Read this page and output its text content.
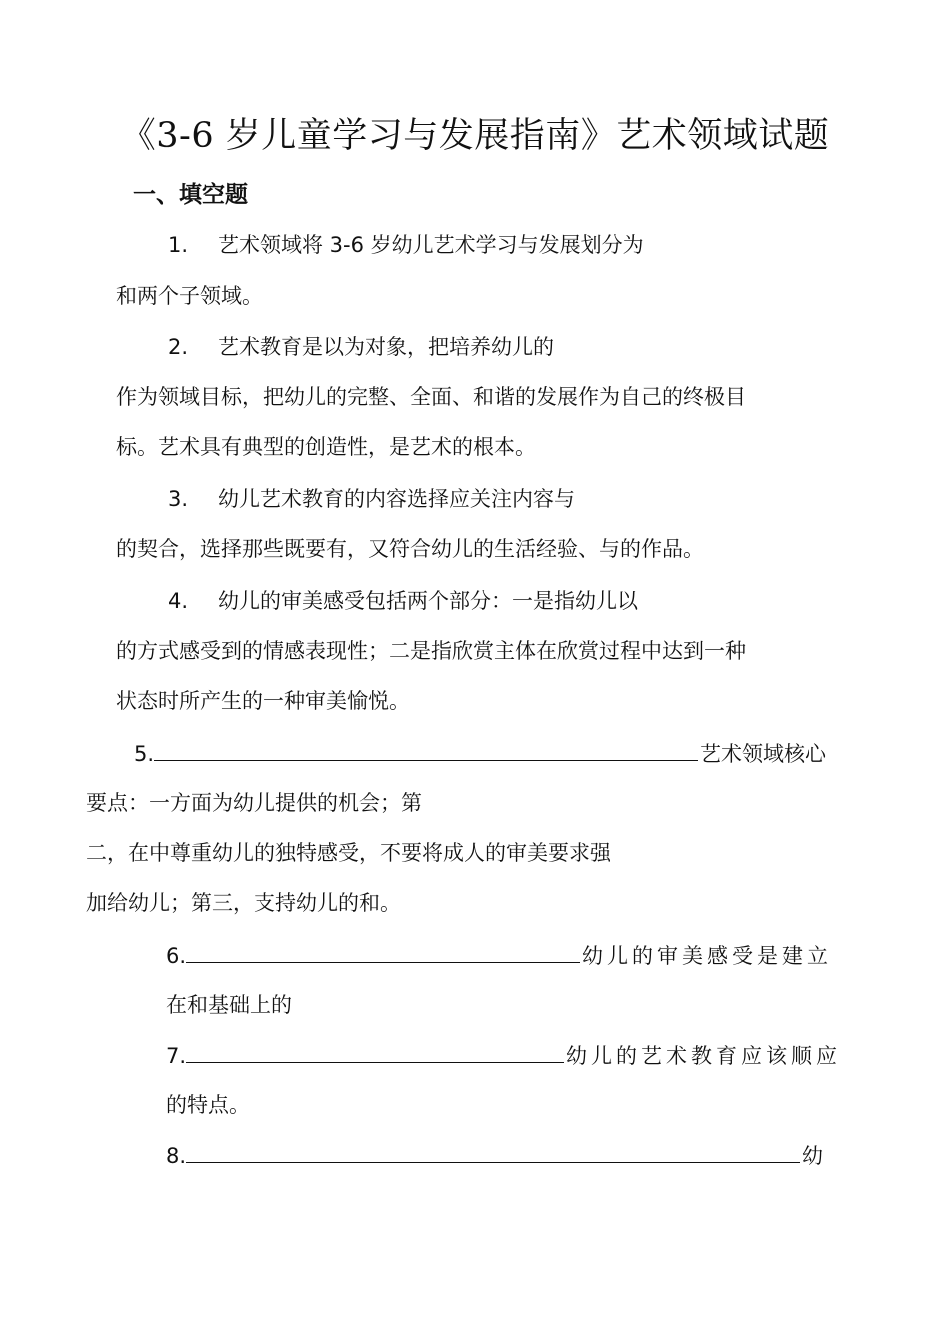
《3-6 岁儿童学习与发展指南》艺术领域试题
一、填空题
1. 艺术领域将 3-6 岁幼儿艺术学习与发展划分为
和两个子领域。
2. 艺术教育是以为对象，把培养幼儿的
作为领域目标，把幼儿的完整、全面、和谐的发展作为自己的终极目
标。艺术具有典型的创造性，是艺术的根本。
3. 幼儿艺术教育的内容选择应关注内容与
的契合，选择那些既要有，又符合幼儿的生活经验、与的作品。
4. 幼儿的审美感受包括两个部分：一是指幼儿以
的方式感受到的情感表现性；二是指欣赏主体在欣赏过程中达到一种
状态时所产生的一种审美愉悦。
5.	艺术领域核心
要点：一方面为幼儿提供的机会；第
二，在中尊重幼儿的独特感受，不要将成人的审美要求强
加给幼儿；第三，支持幼儿的和。
6.	幼儿的审美感受是建立
在和基础上的
7.	幼儿的艺术教育应该顺应
的特点。
8.	幼
